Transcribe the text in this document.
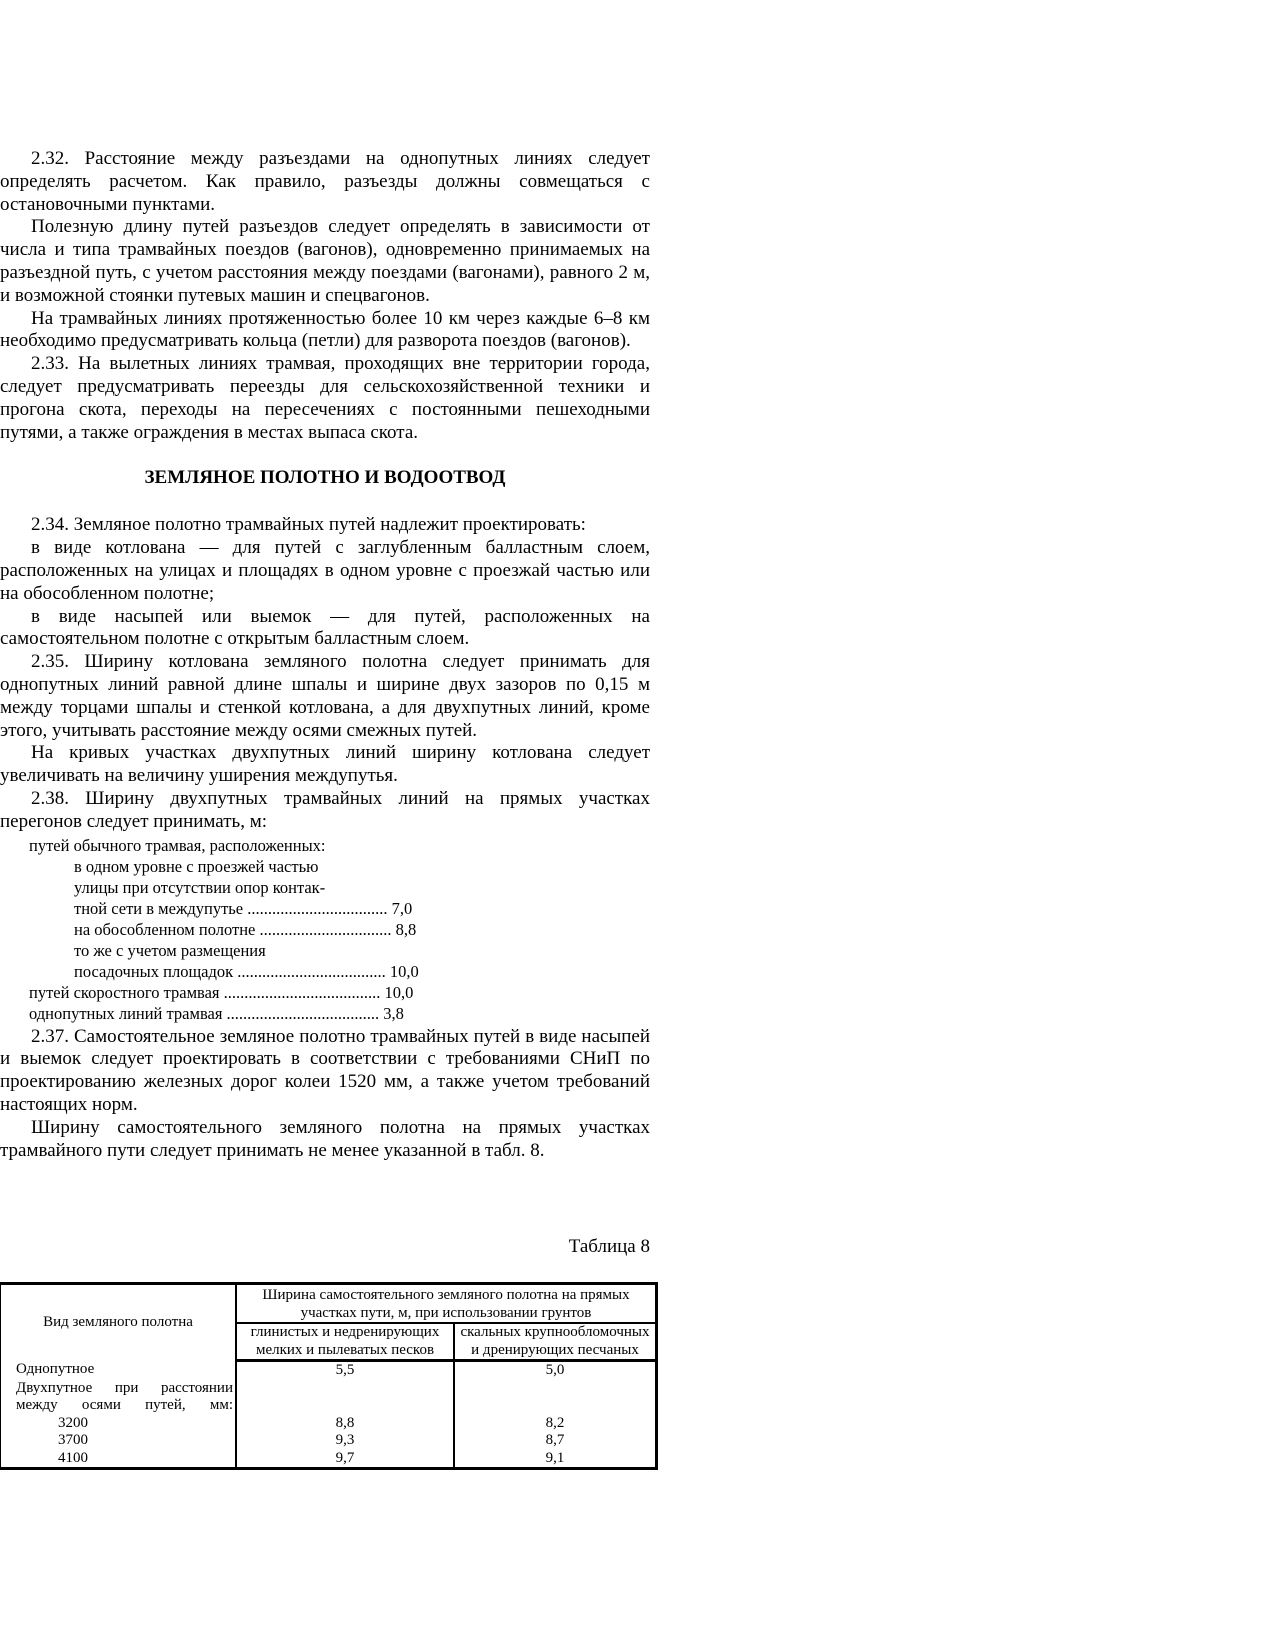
2.32. Расстояние между разъездами на однопутных линиях следует определять расчетом. Как правило, разъезды должны совмещаться с остановочными пунктами.

Полезную длину путей разъездов следует определять в зависимости от числа и типа трамвайных поездов (вагонов), одновременно принимаемых на разъездной путь, с учетом расстояния между поездами (вагонами), равного 2 м, и возможной стоянки путевых машин и спецвагонов.

На трамвайных линиях протяженностью более 10 км через каждые 6–8 км необходимо предусматривать кольца (петли) для разворота поездов (вагонов).

2.33. На вылетных линиях трамвая, проходящих вне территории города, следует предусматривать переезды для сельскохозяйственной техники и прогона скота, переходы на пересечениях с постоянными пешеходными путями, а также ограждения в местах выпаса скота.

ЗЕМЛЯНОЕ ПОЛОТНО И ВОДООТВОД

2.34. Земляное полотно трамвайных путей надлежит проектировать:

в виде котлована — для путей с заглубленным балластным слоем, расположенных на улицах и площадях в одном уровне с проезжай частью или на обособленном полотне;

в виде насыпей или выемок — для путей, расположенных на самостоятельном полотне с открытым балластным слоем.

2.35. Ширину котлована земляного полотна следует принимать для однопутных линий равной длине шпалы и ширине двух зазоров по 0,15 м между торцами шпалы и стенкой котлована, а для двухпутных линий, кроме этого, учитывать расстояние между осями смежных путей.

На кривых участках двухпутных линий ширину котлована следует увеличивать на величину уширения междупутья.

2.38. Ширину двухпутных трамвайных линий на прямых участках перегонов следует принимать, м:

путей обычного трамвая, расположенных:
в одном уровне с проезжей частью
улицы при отсутствии опор контак-
тной сети в междупутье .................................. 7,0
на обособленном полотне ................................ 8,8
то же с учетом размещения
посадочных площадок .................................... 10,0
путей скоростного трамвая ...................................... 10,0
однопутных линий трамвая ..................................... 3,8

2.37. Самостоятельное земляное полотно трамвайных путей в виде насыпей и выемок следует проектировать в соответствии с требованиями СНиП по проектированию железных дорог колеи 1520 мм, а также учетом требований настоящих норм.

Ширину самостоятельного земляного полотна на прямых участках трамвайного пути следует принимать не менее указанной в табл. 8.

Таблица 8
Вид земляного полотна	Ширина самостоятельного земляного полотна на прямых участках пути, м, при использовании грунтов	
	глинистых и недренирующих мелких и пылеватых песков	скальных крупнообломочных и дренирующих песчаных
Однопутное	5,5	5,0
Двухпутное при расстоянии между осями путей, мм:		
3200	8,8	8,2
3700	9,3	8,7
4100	9,7	9,1
